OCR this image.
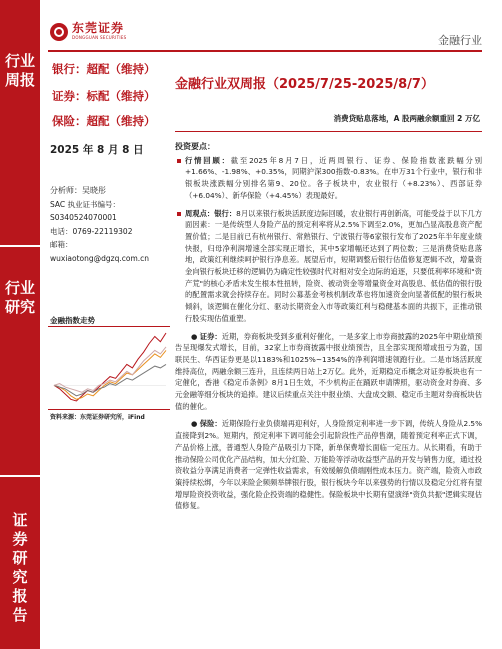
行业
周报
行业
研究
证
券
研
究
报
告
东莞证券
DONGGUAN SECURITIES	金融行业
银行：超配（维持）
证券：标配（维持）
保险：超配（维持）
金融行业双周报（2025/7/25-2025/8/7）
消费贷贴息落地，A 股两融余额重回 2 万亿
2025 年 8 月 8 日
分析师：吴晓彤
SAC 执业证书编号：
S0340524070001
电话：0769-22119302
邮箱：
wuxiaotong@dgzq.com.cn
金融指数走势
资料来源：东莞证券研究所，iFind
投资要点：

行情回顾：截至2025年8月7日，近两周银行、证券、保险指数涨跌幅分别+1.66%、-1.98%、+0.35%，同期沪深300指数-0.83%。在申万31个行业中，银行和非银板块涨跌幅分别排名第9、20位。各子板块中，农业银行（+8.23%）、西部证券（+6.04%）、新华保险（+4.45%）表现最好。

周观点：银行：8月以来银行板块活跃度边际回暖，农业银行再创新高，可能受益于以下几方面因素：一是传统型人身险产品的预定利率将从2.5%下调至2.0%，更加凸显高股息资产配置价值；二是目前已有杭州银行、常熟银行、宁波银行等6家银行发布了2025年半年度业绩快报，归母净利润增速全部实现正增长，其中5家增幅还达到了两位数；三是消费贷贴息落地，政策红利继续呵护银行净息差。展望后市，短期调整后银行估值修复逻辑不改，增量资金向银行板块迁移的逻辑仍为确定性较强时代对相对安全边际的追逐，只要低利率环境和"资产荒"的核心矛盾未发生根本性扭转，险资、被动资金等增量资金对高股息、低估值的银行股的配置需求就会持续存在。同时公募基金考核机制改革也将加速资金向显著低配的银行板块倾斜，该逻辑在催化分红、驱动长期资金入市等政策红利与稳健基本面的共振下，正推动银行股实现估值重塑。

● 证券：近期，券商板块受到多重利好催化，一是多家上市券商披露的2025年中期业绩预告呈现爆发式增长，目前，32家上市券商披露中报业绩预告，且全部实现预增或扭亏为盈，国联民生、华西证券更是以1183%和1025%~1354%的净利润增速领跑行业。二是市场活跃度维持高位，两融余额三连升，且连续两日站上2万亿。此外，近期稳定币概念对证券板块也有一定催化，香港《稳定币条例》8月1日生效，不少机构正在踊跃申请牌照，驱动资金对券商、多元金融等细分板块的追捧。建议后续重点关注中报业绩、大盘成交额、稳定币主题对券商板块估值的催化。

● 保险：近期保险行业负债端再迎利好，人身险预定利率进一步下调，传统人身险从2.5%直接降到2%。短期内，预定利率下调可能会引起阶段性产品停售潮，随着预定利率正式下调，产品价格上涨，普通型人身险产品吸引力下降，新单保费增长面临一定压力。从长期看，有助于推动保险公司优化产品结构，加大分红险、万能险等浮动收益型产品的开发与销售力度，通过投资收益分享满足消费者一定弹性收益需求，有效缓解负债端刚性成本压力。资产端，险资入市政策持续松绑，今年以来险企频频举牌银行股，银行板块今年以来强势的行情以及稳定分红将有望增厚险资投资收益，强化险企投资端的稳健性。保险板块中长期有望演绎"资负共振"逻辑实现估值修复。
